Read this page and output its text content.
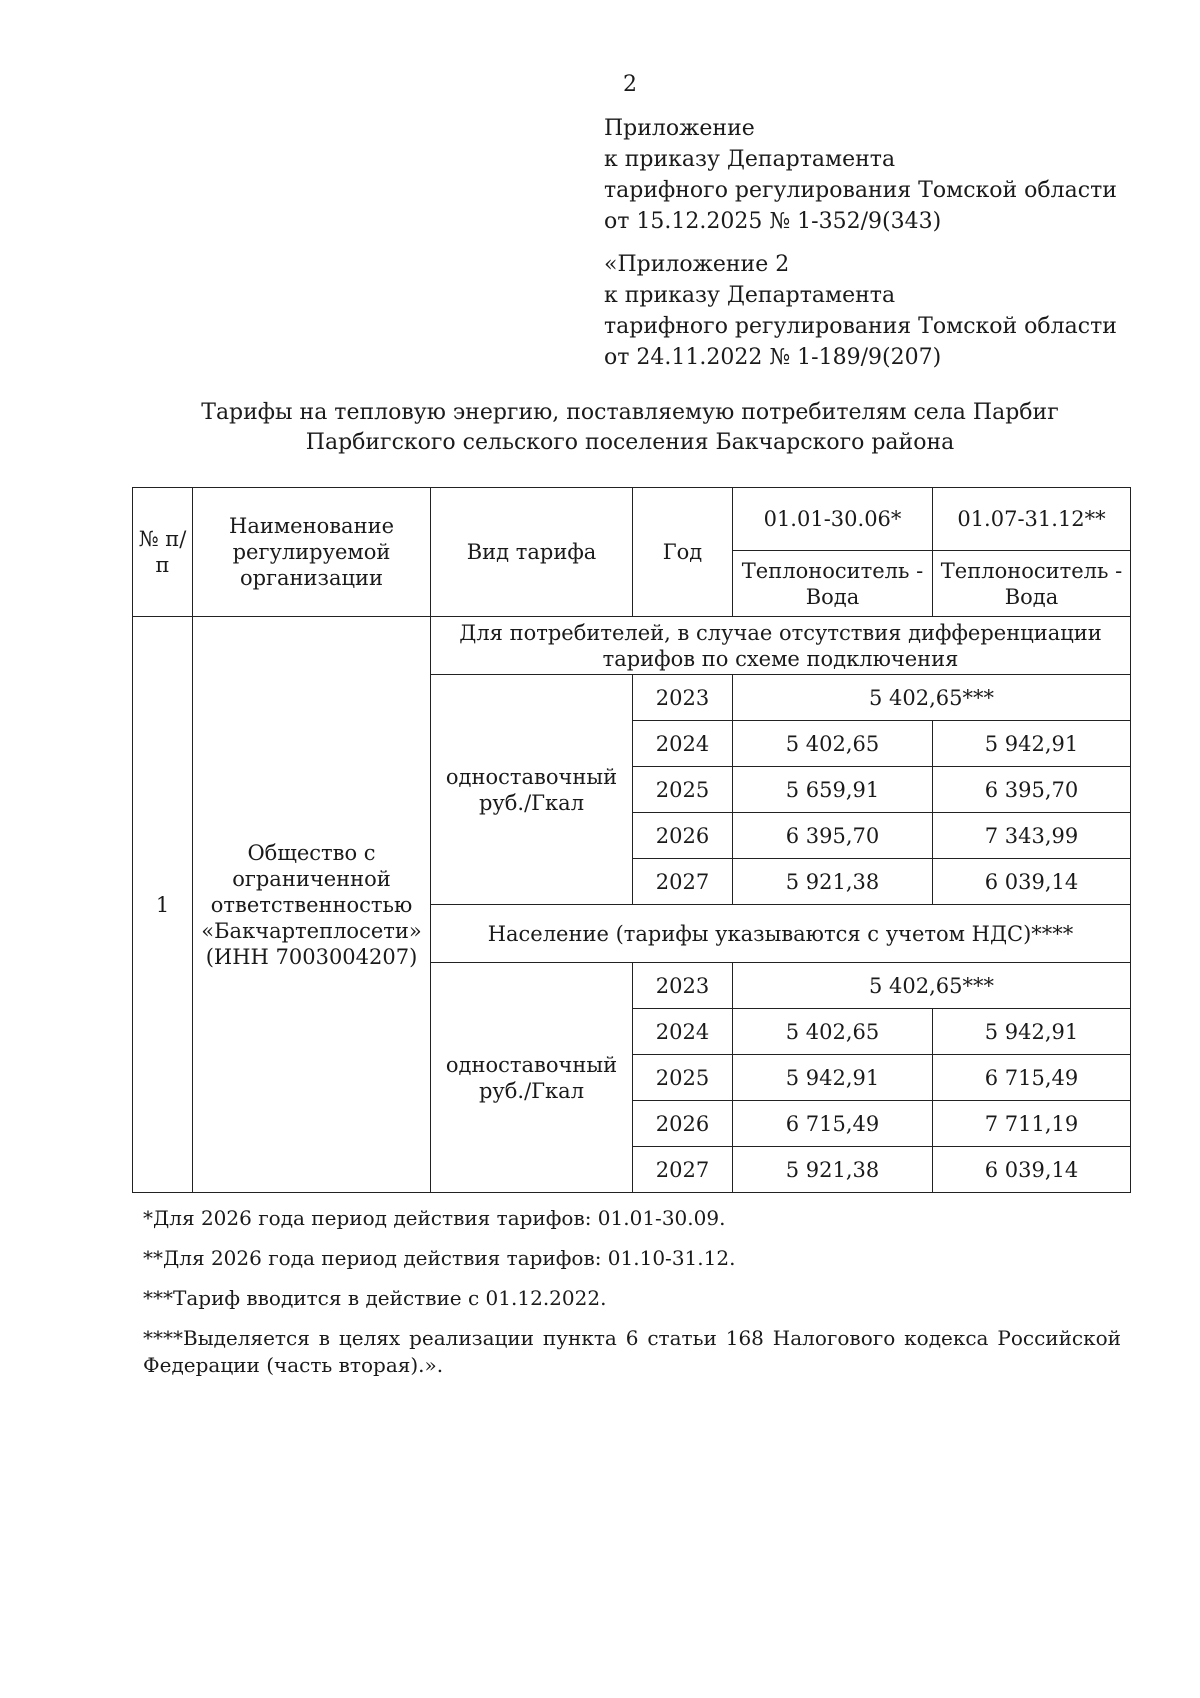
2
Приложение
к приказу Департамента
тарифного регулирования Томской области
от 15.12.2025 № 1-352/9(343)
«Приложение 2
к приказу Департамента
тарифного регулирования Томской области
от 24.11.2022 № 1-189/9(207)
Тарифы на тепловую энергию, поставляемую потребителям села Парбиг
Парбигского сельского поселения Бакчарского района
№ п/п	Наименование регулируемой организации	Вид тарифа	Год	01.01-30.06*	01.07-31.12**
				Теплоноситель - Вода	Теплоноситель - Вода
1	Общество с ограниченной ответственностью «Бакчартеплосети» (ИНН 7003004207)	Для потребителей, в случае отсутствия дифференциации тарифов по схеме подключения			
		одноставочный руб./Гкал	2023	5 402,65***	
			2024	5 402,65	5 942,91
			2025	5 659,91	6 395,70
			2026	6 395,70	7 343,99
			2027	5 921,38	6 039,14
		Население (тарифы указываются с учетом НДС)****			
		одноставочный руб./Гкал	2023	5 402,65***	
			2024	5 402,65	5 942,91
			2025	5 942,91	6 715,49
			2026	6 715,49	7 711,19
			2027	5 921,38	6 039,14

*Для 2026 года период действия тарифов: 01.01-30.09.

**Для 2026 года период действия тарифов: 01.10-31.12.

***Тариф вводится в действие с 01.12.2022.

****Выделяется в целях реализации пункта 6 статьи 168 Налогового кодекса Российской Федерации (часть вторая).».
